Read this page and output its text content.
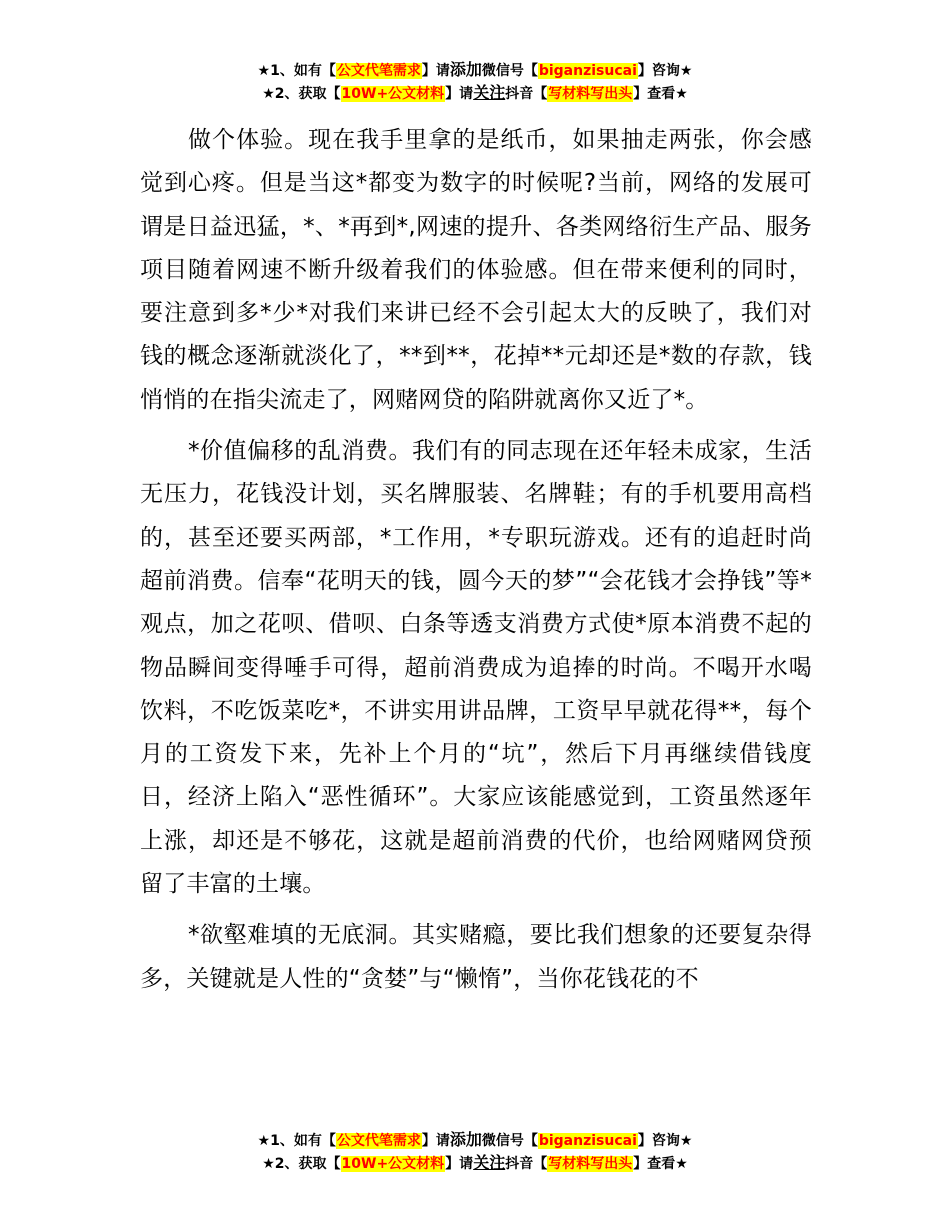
★1、如有【公文代笔需求】请添加微信号【biganzisucai】咨询★
★2、获取【10W+公文材料】请关注抖音【写材料写出头】查看★

做个体验。现在我手里拿的是纸币，如果抽走两张，你会感觉到心疼。但是当这*都变为数字的时候呢?当前，网络的发展可谓是日益迅猛，*、*再到*,网速的提升、各类网络衍生产品、服务项目随着网速不断升级着我们的体验感。但在带来便利的同时，要注意到多*少*对我们来讲已经不会引起太大的反映了，我们对钱的概念逐渐就淡化了，**到**，花掉**元却还是*数的存款，钱悄悄的在指尖流走了，网赌网贷的陷阱就离你又近了*。

*价值偏移的乱消费。我们有的同志现在还年轻未成家，生活无压力，花钱没计划，买名牌服装、名牌鞋；有的手机要用高档的，甚至还要买两部，*工作用，*专职玩游戏。还有的追赶时尚超前消费。信奉“花明天的钱，圆今天的梦”“会花钱才会挣钱”等*观点，加之花呗、借呗、白条等透支消费方式使*原本消费不起的物品瞬间变得唾手可得，超前消费成为追捧的时尚。不喝开水喝饮料，不吃饭菜吃*，不讲实用讲品牌，工资早早就花得**，每个月的工资发下来，先补上个月的“坑”，然后下月再继续借钱度日，经济上陷入“恶性循环”。大家应该能感觉到，工资虽然逐年上涨，却还是不够花，这就是超前消费的代价，也给网赌网贷预留了丰富的土壤。

*欲壑难填的无底洞。其实赌瘾，要比我们想象的还要复杂得多，关键就是人性的“贪婪”与“懒惰”，当你花钱花的不

★1、如有【公文代笔需求】请添加微信号【biganzisucai】咨询★
★2、获取【10W+公文材料】请关注抖音【写材料写出头】查看★
